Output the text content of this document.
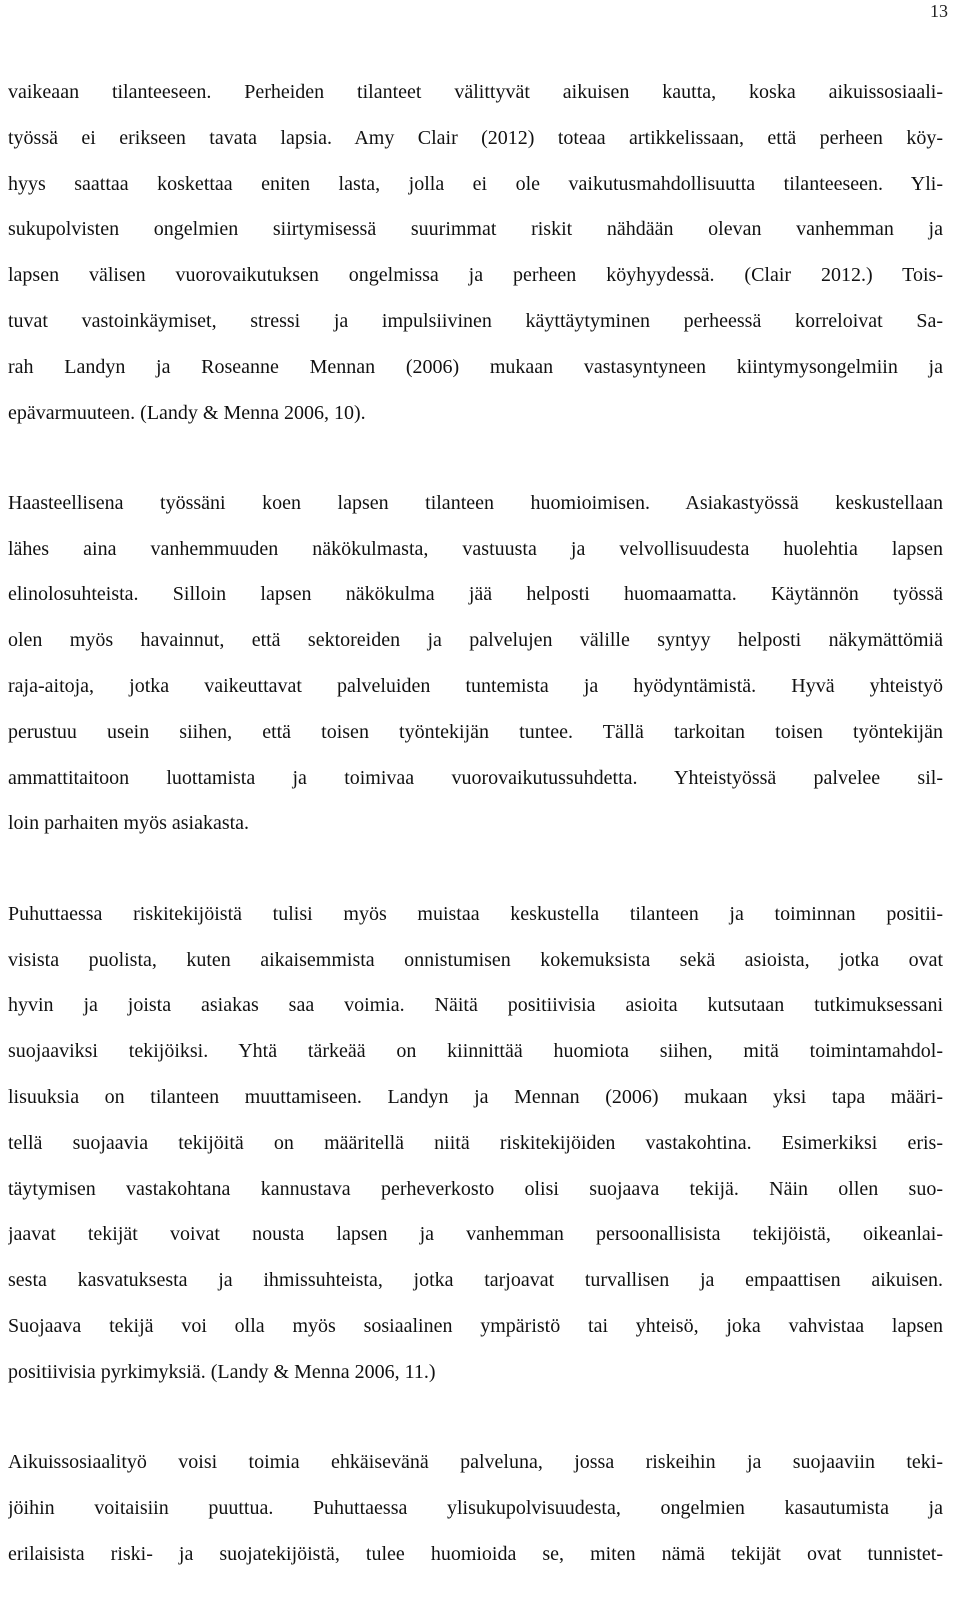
13
vaikeaan tilanteeseen. Perheiden tilanteet välittyvät aikuisen kautta, koska aikuissosiaali-
työssä ei erikseen tavata lapsia. Amy Clair (2012) toteaa artikkelissaan, että perheen köy-
hyys saattaa koskettaa eniten lasta, jolla ei ole vaikutusmahdollisuutta tilanteeseen. Yli-
sukupolvisten ongelmien siirtymisessä suurimmat riskit nähdään olevan vanhemman ja
lapsen välisen vuorovaikutuksen ongelmissa ja perheen köyhyydessä. (Clair 2012.) Tois-
tuvat vastoinkäymiset, stressi ja impulsiivinen käyttäytyminen perheessä korreloivat Sa-
rah Landyn ja Roseanne Mennan (2006) mukaan vastasyntyneen kiintymysongelmiin ja
epävarmuuteen. (Landy & Menna 2006, 10).
Haasteellisena työssäni koen lapsen tilanteen huomioimisen. Asiakastyössä keskustellaan
lähes aina vanhemmuuden näkökulmasta, vastuusta ja velvollisuudesta huolehtia lapsen
elinolosuhteista. Silloin lapsen näkökulma jää helposti huomaamatta. Käytännön työssä
olen myös havainnut, että sektoreiden ja palvelujen välille syntyy helposti näkymättömiä
raja-aitoja, jotka vaikeuttavat palveluiden tuntemista ja hyödyntämistä. Hyvä yhteistyö
perustuu usein siihen, että toisen työntekijän tuntee. Tällä tarkoitan toisen työntekijän
ammattitaitoon luottamista ja toimivaa vuorovaikutussuhdetta. Yhteistyössä palvelee sil-
loin parhaiten myös asiakasta.
Puhuttaessa riskitekijöistä tulisi myös muistaa keskustella tilanteen ja toiminnan positii-
visista puolista, kuten aikaisemmista onnistumisen kokemuksista sekä asioista, jotka ovat
hyvin ja joista asiakas saa voimia. Näitä positiivisia asioita kutsutaan tutkimuksessani
suojaaviksi tekijöiksi. Yhtä tärkeää on kiinnittää huomiota siihen, mitä toimintamahdol-
lisuuksia on tilanteen muuttamiseen. Landyn ja Mennan (2006) mukaan yksi tapa määri-
tellä suojaavia tekijöitä on määritellä niitä riskitekijöiden vastakohtina. Esimerkiksi eris-
täytymisen vastakohtana kannustava perheverkosto olisi suojaava tekijä. Näin ollen suo-
jaavat tekijät voivat nousta lapsen ja vanhemman persoonallisista tekijöistä, oikeanlai-
sesta kasvatuksesta ja ihmissuhteista, jotka tarjoavat turvallisen ja empaattisen aikuisen.
Suojaava tekijä voi olla myös sosiaalinen ympäristö tai yhteisö, joka vahvistaa lapsen
positiivisia pyrkimyksiä. (Landy & Menna 2006, 11.)
Aikuissosiaalityö voisi toimia ehkäisevänä palveluna, jossa riskeihin ja suojaaviin teki-
jöihin voitaisiin puuttua. Puhuttaessa ylisukupolvisuudesta, ongelmien kasautumista ja
erilaisista riski- ja suojatekijöistä, tulee huomioida se, miten nämä tekijät ovat tunnistet-
